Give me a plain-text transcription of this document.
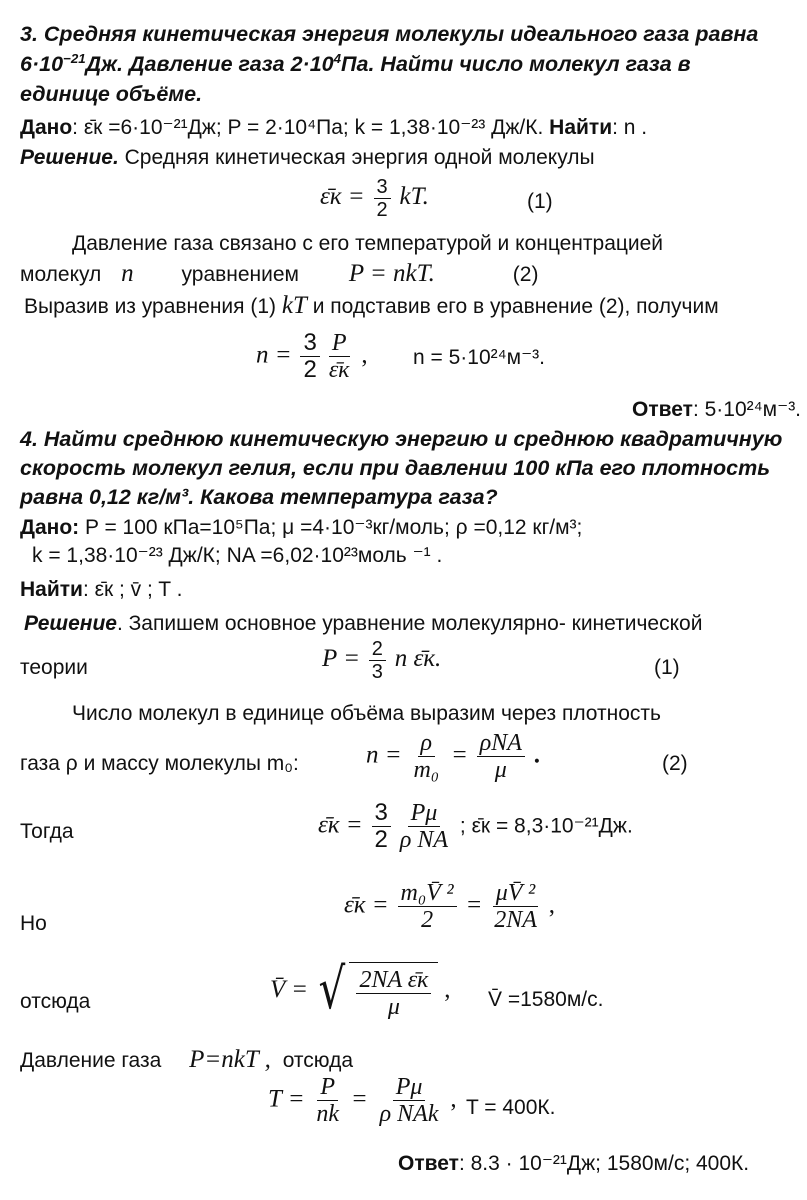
3. Средняя кинетическая энергия молекулы идеального газа равна
$6\cdot 10^{-21}Дж$. Давление газа $2\cdot 10^4Па$. Найти число молекул газа в
единице объёме.
Дано: ε̄к =6·10⁻²¹Дж; P = 2·10⁴Па; k = 1,38·10⁻²³ Дж/К. Найти: n .
Решение. Средняя кинетическая энергия одной молекулы
ε̄к = $\frac{3}{2}$ kT.	(1)
Давление газа связано с его температурой и концентрацией
молекул n уравнением P = nkT.	(2)
Выразив из уравнения (1) kT и подставив его в уравнение (2), получим
$n = \frac{3}{2} \frac{P}{\varepsilon̄к}$ , n = 5·10²⁴м⁻³.
Ответ: 5·10²⁴м⁻³.
4. Найти среднюю кинетическую энергию и среднюю квадратичную
скорость молекул гелия, если при давлении 100 кПа его плотность
равна 0,12 кг/м³. Какова температура газа?
Дано: P = 100 кПа=10⁵Па; μ =4·10⁻³кг/моль; ρ =0,12 кг/м³;
k = 1,38·10⁻²³ Дж/К; NA =6,02·10²³моль ⁻¹ .
Найти: ε̄к ; v̄ ; T .
Решение. Запишем основное уравнение молекулярно- кинетической
теории	$P = \frac{2}{3}$ n ε̄к.	(1)
Число молекул в единице объёма выразим через плотность
газа ρ и массу молекулы m₀:	$n = \frac{\rho}{\text{m₀}} = \frac{\text{ρNA}}{\mu}$ .	(2)
Тогда	ε̄к = $\frac{3}{2} \frac{P\mu}{\text{ρ NA}}$ ; ε̄к = 8,3·10⁻²¹Дж.
Но
ε̄к = $\frac{\text{m₀V̄ ²}}{2} = \frac{\text{μV̄ ²}}{2NA}$ ,
отсюда	V̄ = √ $\frac{\text{2NA ε̄к}}{\mu}$ , V̄ =1580м/с.
Давление газа P=nkT , отсюда
$T = \frac{P}{nk} = \frac{P\mu}{\text{ρ NAk}}$ , T = 400К.
Ответ: 8.3 · 10⁻²¹Дж; 1580м/с; 400К.
